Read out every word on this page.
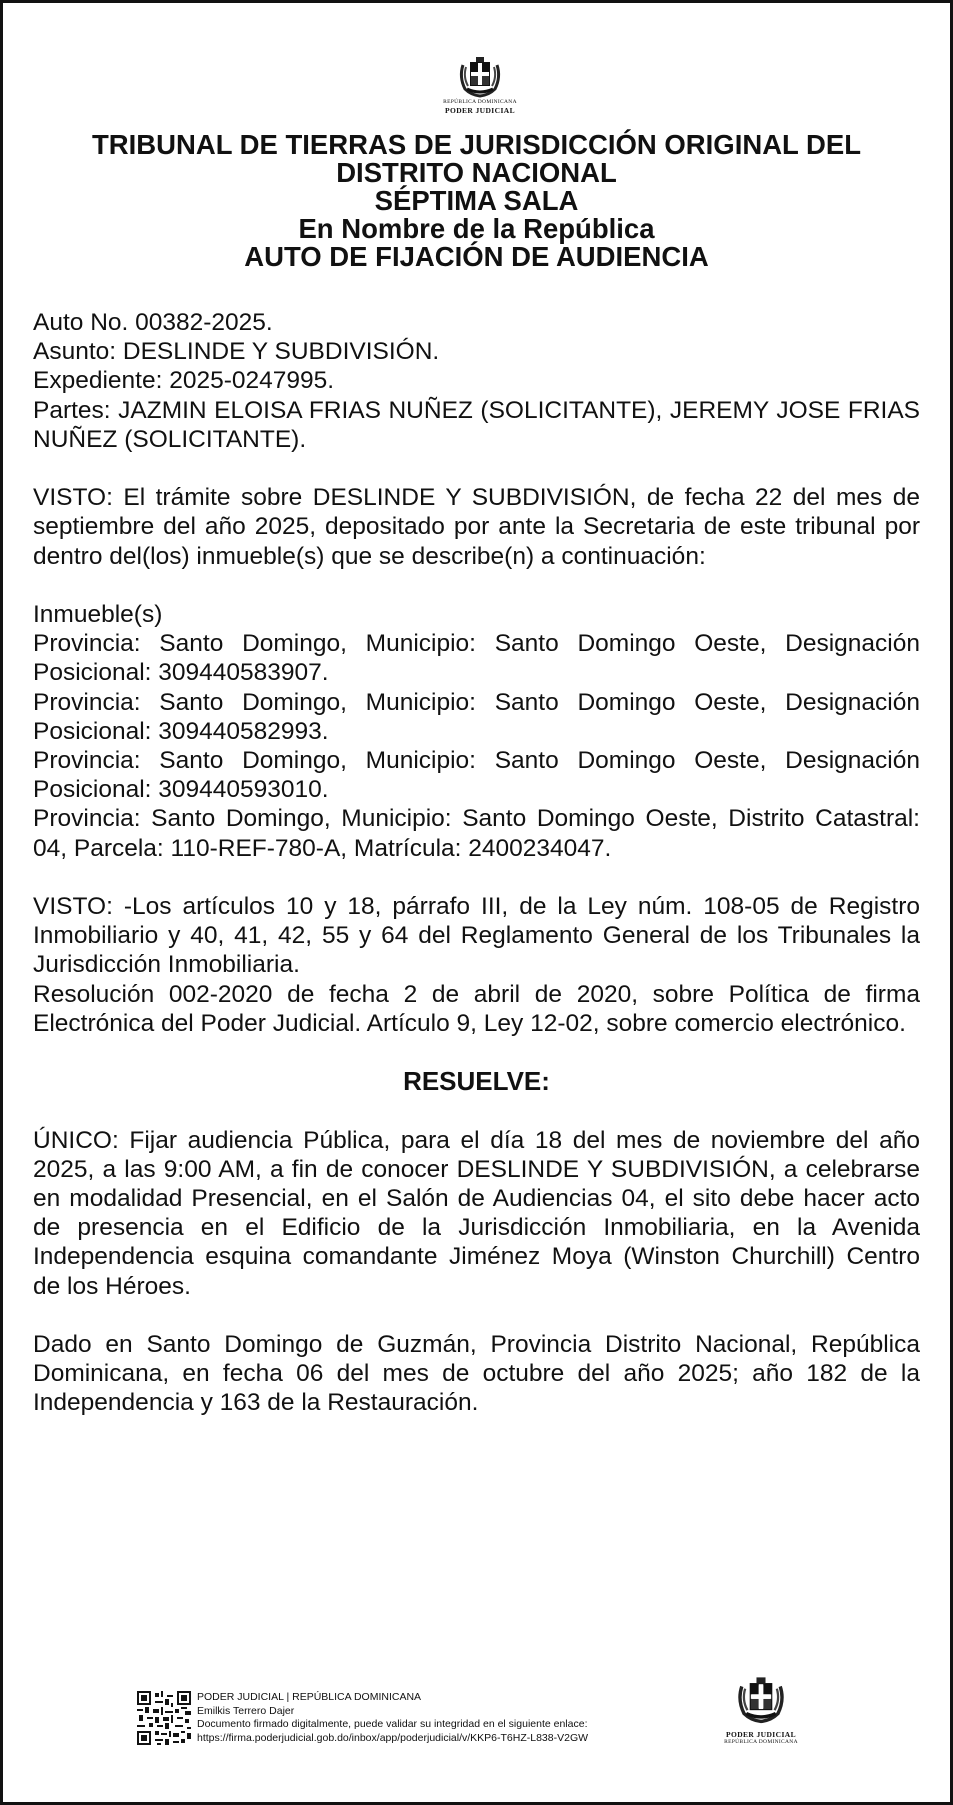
REPÚBLICA DOMINICANA
PODER JUDICIAL
TRIBUNAL DE TIERRAS DE JURISDICCIÓN ORIGINAL DEL
DISTRITO NACIONAL
SÉPTIMA SALA
En Nombre de la República
AUTO DE FIJACIÓN DE AUDIENCIA

Auto No. 00382-2025.

Asunto: DESLINDE Y SUBDIVISIÓN.

Expediente: 2025-0247995.

Partes: JAZMIN ELOISA FRIAS NUÑEZ (SOLICITANTE), JEREMY JOSE FRIAS NUÑEZ (SOLICITANTE).

VISTO: El trámite sobre DESLINDE Y SUBDIVISIÓN, de fecha 22 del mes de septiembre del año 2025, depositado por ante la Secretaria de este tribunal por dentro del(los) inmueble(s) que se describe(n) a continuación:

Inmueble(s)

Provincia: Santo Domingo, Municipio: Santo Domingo Oeste, Designación Posicional: 309440583907.

Provincia: Santo Domingo, Municipio: Santo Domingo Oeste, Designación Posicional: 309440582993.

Provincia: Santo Domingo, Municipio: Santo Domingo Oeste, Designación Posicional: 309440593010.

Provincia: Santo Domingo, Municipio: Santo Domingo Oeste, Distrito Catastral: 04, Parcela: 110-REF-780-A, Matrícula: 2400234047.

VISTO: -Los artículos 10 y 18, párrafo III, de la Ley núm. 108-05 de Registro Inmobiliario y 40, 41, 42, 55 y 64 del Reglamento General de los Tribunales la Jurisdicción Inmobiliaria.

Resolución 002-2020 de fecha 2 de abril de 2020, sobre Política de firma Electrónica del Poder Judicial. Artículo 9, Ley 12-02, sobre comercio electrónico.

RESUELVE:

ÚNICO: Fijar audiencia Pública, para el día 18 del mes de noviembre del año 2025, a las 9:00 AM, a fin de conocer DESLINDE Y SUBDIVISIÓN, a celebrarse en modalidad Presencial, en el Salón de Audiencias 04, el sito debe hacer acto de presencia en el Edificio de la Jurisdicción Inmobiliaria, en la Avenida Independencia esquina comandante Jiménez Moya (Winston Churchill) Centro de los Héroes.

Dado en Santo Domingo de Guzmán, Provincia Distrito Nacional, República Dominicana, en fecha 06 del mes de octubre del año 2025; año 182 de la Independencia y 163 de la Restauración.

PODER JUDICIAL | REPÚBLICA DOMINICANA
Emilkis Terrero Dajer
Documento firmado digitalmente, puede validar su integridad en el siguiente enlace:
https://firma.poderjudicial.gob.do/inbox/app/poderjudicial/v/KKP6-T6HZ-L838-V2GW	PODER JUDICIAL
REPÚBLICA DOMINICANA
